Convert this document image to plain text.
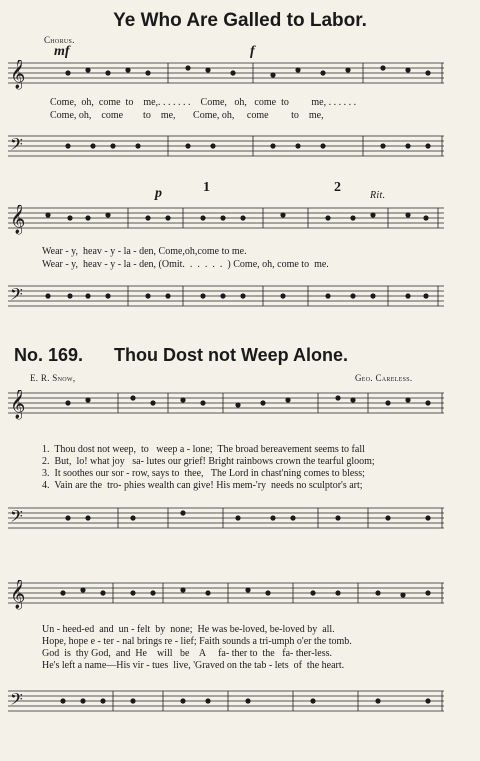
Ye Who Are Galled to Labor.
Chorus.
mf	f
𝄞
Come,  oh,  come  to    me,. . . . . . .    Come,   oh,   come  to         me, . . . . . .
Come, oh,    come        to    me,       Come, oh,     come         to    me,
𝄢
p	1	2
Rit.
𝄞
Wear - y,  heav - y - la - den, Come,oh,come to me.
Wear - y,  heav - y - la - den, (Omit.  .  .  .  .  .  ) Come, oh, come to  me.
𝄢
No. 169. Thou Dost not Weep Alone.
E. R. Snow,	Geo. Careless.
𝄞
1.  Thou dost not weep,  to   weep a - lone;  The broad bereavement seems to fall
2.  But,  lo! what joy   sa- lutes our grief! Bright rainbows crown the tearful gloom;
3.  It soothes our sor - row, says to  thee,   The Lord in chast'ning comes to bless;
4.  Vain are the  tro- phies wealth can give! His mem-'ry  needs no sculptor's art;
𝄢
𝄞
Un - heed-ed  and  un - felt  by  none;  He was be-loved, be-loved by  all.
Hope, hope e - ter - nal brings re - lief; Faith sounds a tri-umph o'er the tomb.
God  is  thy God,  and  He    will   be    A     fa- ther to  the   fa- ther-less.
He's left a name—His vir - tues  live, 'Graved on the tab - lets  of  the heart.
𝄢
